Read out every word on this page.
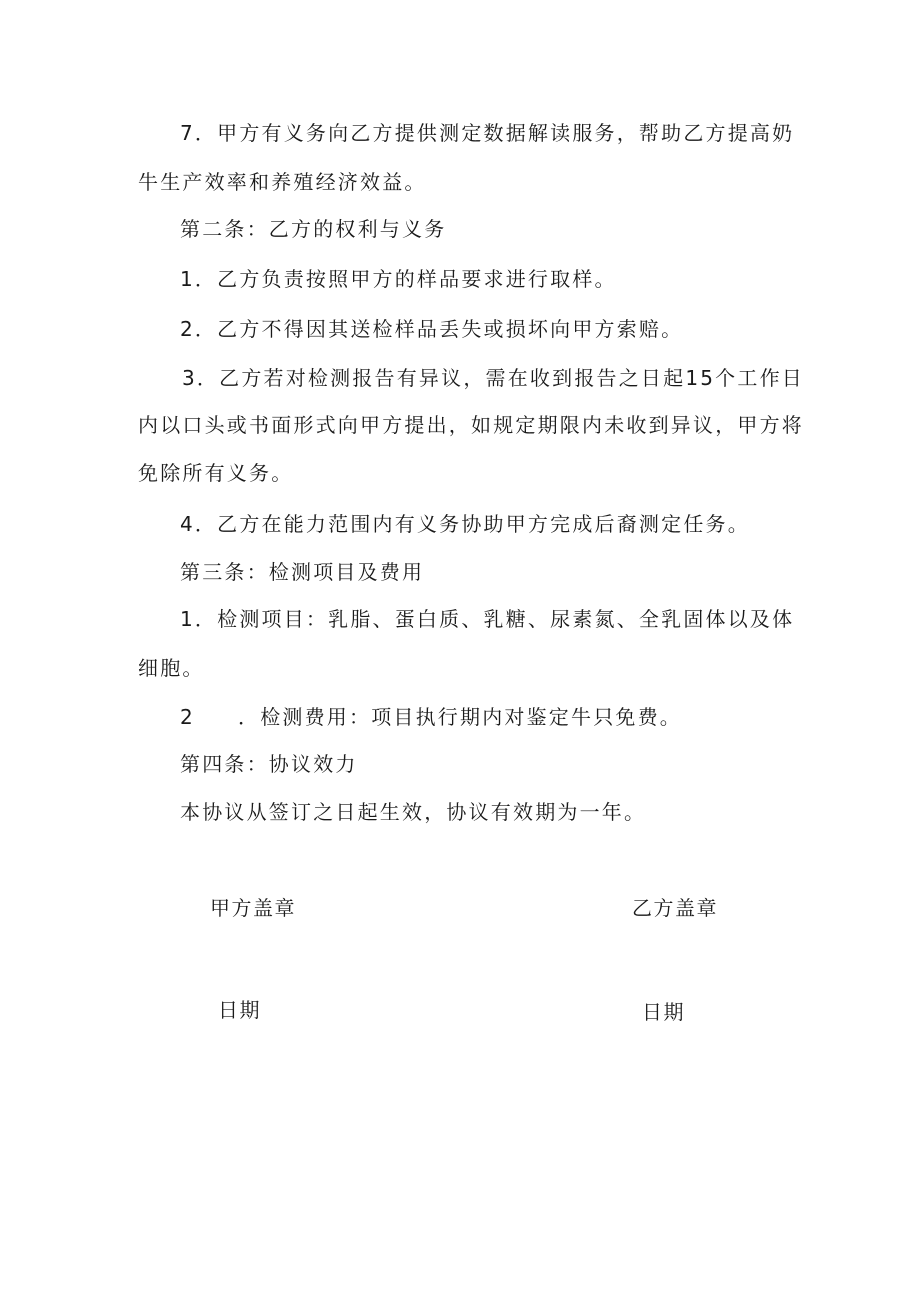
7．甲方有义务向乙方提供测定数据解读服务，帮助乙方提高奶
牛生产效率和养殖经济效益。
第二条：乙方的权利与义务
1．乙方负责按照甲方的样品要求进行取样。
2．乙方不得因其送检样品丢失或损坏向甲方索赔。
3．乙方若对检测报告有异议，需在收到报告之日起15个工作日
内以口头或书面形式向甲方提出，如规定期限内未收到异议，甲方将
免除所有义务。
4．乙方在能力范围内有义务协助甲方完成后裔测定任务。
第三条：检测项目及费用
1．检测项目：乳脂、蛋白质、乳糖、尿素氮、全乳固体以及体
细胞。
2 ．检测费用：项目执行期内对鉴定牛只免费。
第四条：协议效力
本协议从签订之日起生效，协议有效期为一年。
甲方盖章	乙方盖章
日期	日期
